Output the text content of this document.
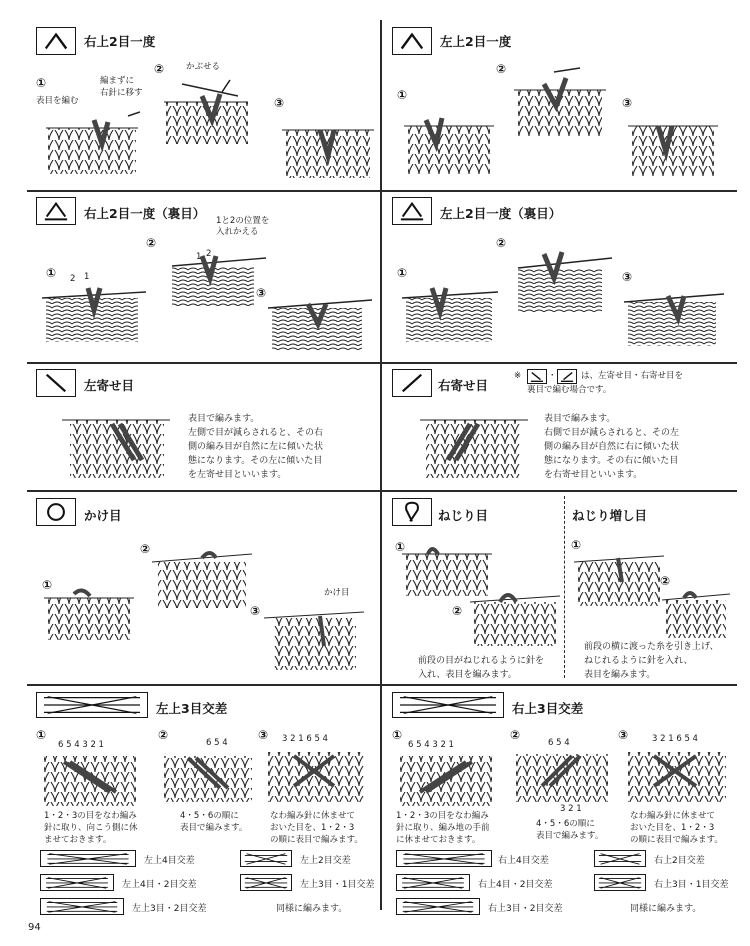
右上2目一度
①
②
③
表目を編む
編まずに
右針に移す
かぶせる
左上2目一度
①
②
③
右上2目一度（裏目） 1と2の位置を
入れかえる
②
①
③
2 1
1 2
左上2目一度（裏目）
①
②
③
左寄せ目
表目で編みます。
左側で目が減らされると、その右
側の編み目が自然に左に傾いた状
態になります。その左に傾いた目
を左寄せ目といいます。
右寄せ目
※	・	は、左寄せ目・右寄せ目を
裏目で編む場合です。
表目で編みます。
右側で目が減らされると、その左
側の編み目が自然に右に傾いた状
態になります。その右に傾いた目
を右寄せ目といいます。
かけ目
①
②
③
かけ目
ねじり目
①
②
前段の目がねじれるように針を
入れ、表目を編みます。
ねじり増し目
①
②
前段の横に渡った糸を引き上げ、
ねじれるように針を入れ、
表目を編みます。
左上3目交差
①	②	③
6 5 4 3 2 1	6 5 4	3 2 1 6 5 4
1・2・3の目をなわ編み
針に取り、向こう側に休
ませておきます。
4・5・6の順に
表目で編みます。
なわ編み針に休ませて
おいた目を、1・2・3
の順に表目で編みます。
左上4目交差	左上2目交差
左上4目・2目交差	左上3目・1目交差
左上3目・2目交差	同様に編みます。
右上3目交差
①	②	③
6 5 4 3 2 1	6 5 4
3 2 1
3 2 1 6 5 4
1・2・3の目をなわ編み
針に取り、編み地の手前
に休ませておきます。
4・5・6の順に
表目で編みます。
なわ編み針に休ませて
おいた目を、1・2・3
の順に表目で編みます。
右上4目交差	右上2目交差
右上4目・2目交差	右上3目・1目交差
右上3目・2目交差	同様に編みます。
94
